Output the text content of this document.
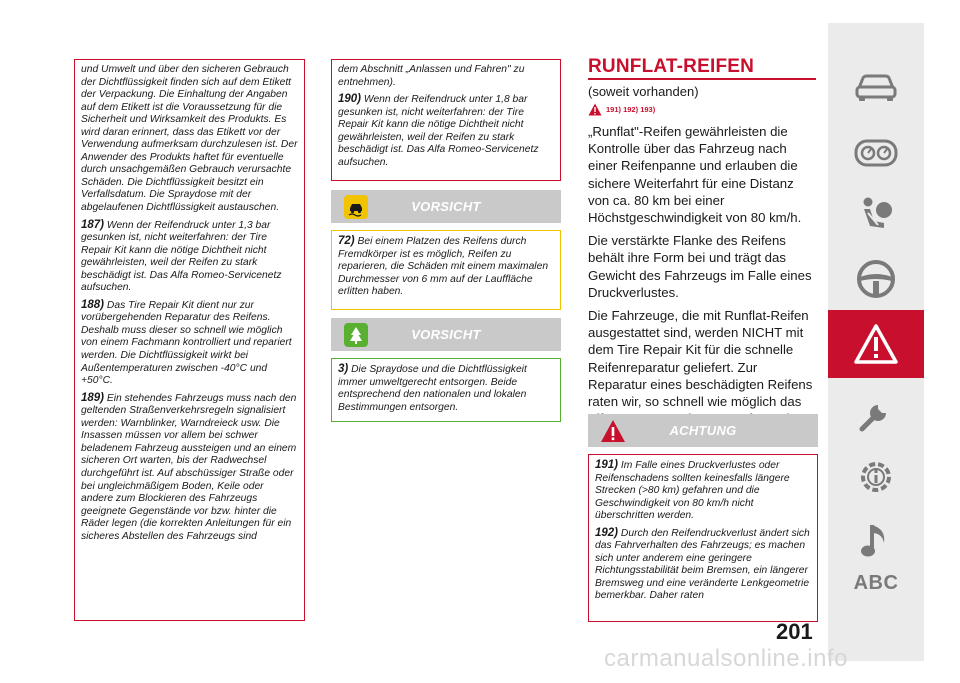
und Umwelt und über den sicheren Gebrauch der Dichtflüssigkeit finden sich auf dem Etikett der Verpackung. Die Einhaltung der Angaben auf dem Etikett ist die Voraussetzung für die Sicherheit und Wirksamkeit des Produkts. Es wird daran erinnert, dass das Etikett vor der Verwendung aufmerksam durchzulesen ist. Der Anwender des Produkts haftet für eventuelle durch unsachgemäßen Gebrauch verursachte Schäden. Die Dichtflüssigkeit besitzt ein Verfallsdatum. Die Spraydose mit der abgelaufenen Dichtflüssigkeit austauschen.

187) Wenn der Reifendruck unter 1,3 bar gesunken ist, nicht weiterfahren: der Tire Repair Kit kann die nötige Dichtheit nicht gewährleisten, weil der Reifen zu stark beschädigt ist. Das Alfa Romeo-Servicenetz aufsuchen.

188) Das Tire Repair Kit dient nur zur vorübergehenden Reparatur des Reifens. Deshalb muss dieser so schnell wie möglich von einem Fachmann kontrolliert und repariert werden. Die Dichtflüssigkeit wirkt bei Außentemperaturen zwischen -40°C und +50°C.

189) Ein stehendes Fahrzeugs muss nach den geltenden Straßenverkehrsregeln signalisiert werden: Warnblinker, Warndreieck usw. Die Insassen müssen vor allem bei schwer beladenem Fahrzeug aussteigen und an einem sicheren Ort warten, bis der Radwechsel durchgeführt ist. Auf abschüssiger Straße oder bei ungleichmäßigem Boden, Keile oder andere zum Blockieren des Fahrzeugs geeignete Gegenstände vor bzw. hinter die Räder legen (die korrekten Anleitungen für ein sicheres Abstellen des Fahrzeugs sind

dem Abschnitt „Anlassen und Fahren" zu entnehmen).

190) Wenn der Reifendruck unter 1,8 bar gesunken ist, nicht weiterfahren: der Tire Repair Kit kann die nötige Dichtheit nicht gewährleisten, weil der Reifen zu stark beschädigt ist. Das Alfa Romeo-Servicenetz aufsuchen.

VORSICHT

72) Bei einem Platzen des Reifens durch Fremdkörper ist es möglich, Reifen zu reparieren, die Schäden mit einem maximalen Durchmesser von 6 mm auf der Lauffläche erlitten haben.

VORSICHT

3) Die Spraydose und die Dichtflüssigkeit immer umweltgerecht entsorgen. Beide entsprechend den nationalen und lokalen Bestimmungen entsorgen.

RUNFLAT-REIFEN
(soweit vorhanden)
191) 192) 193)

„Runflat"-Reifen gewährleisten die Kontrolle über das Fahrzeug nach einer Reifenpanne und erlauben die sichere Weiterfahrt für eine Distanz von ca. 80 km bei einer Höchstgeschwindigkeit von 80 km/h.

Die verstärkte Flanke des Reifens behält ihre Form bei und trägt das Gewicht des Fahrzeugs im Falle eines Druckverlustes.

Die Fahrzeuge, die mit Runflat-Reifen ausgestattet sind, werden NICHT mit dem Tire Repair Kit für die schnelle Reifenreparatur geliefert. Zur Reparatur eines beschädigten Reifens raten wir, so schnell wie möglich das

ACHTUNG

191) Im Falle eines Druckverlustes oder Reifenschadens sollten keinesfalls längere Strecken (>80 km) gefahren und die Geschwindigkeit von 80 km/h nicht überschritten werden.

192) Durch den Reifendruckverlust ändert sich das Fahrverhalten des Fahrzeugs; es machen sich unter anderem eine geringere Richtungsstabilität beim Bremsen, ein längerer Bremsweg und eine veränderte Lenkgeometrie bemerkbar. Daher raten

ABC
201
carmanualsonline.info
